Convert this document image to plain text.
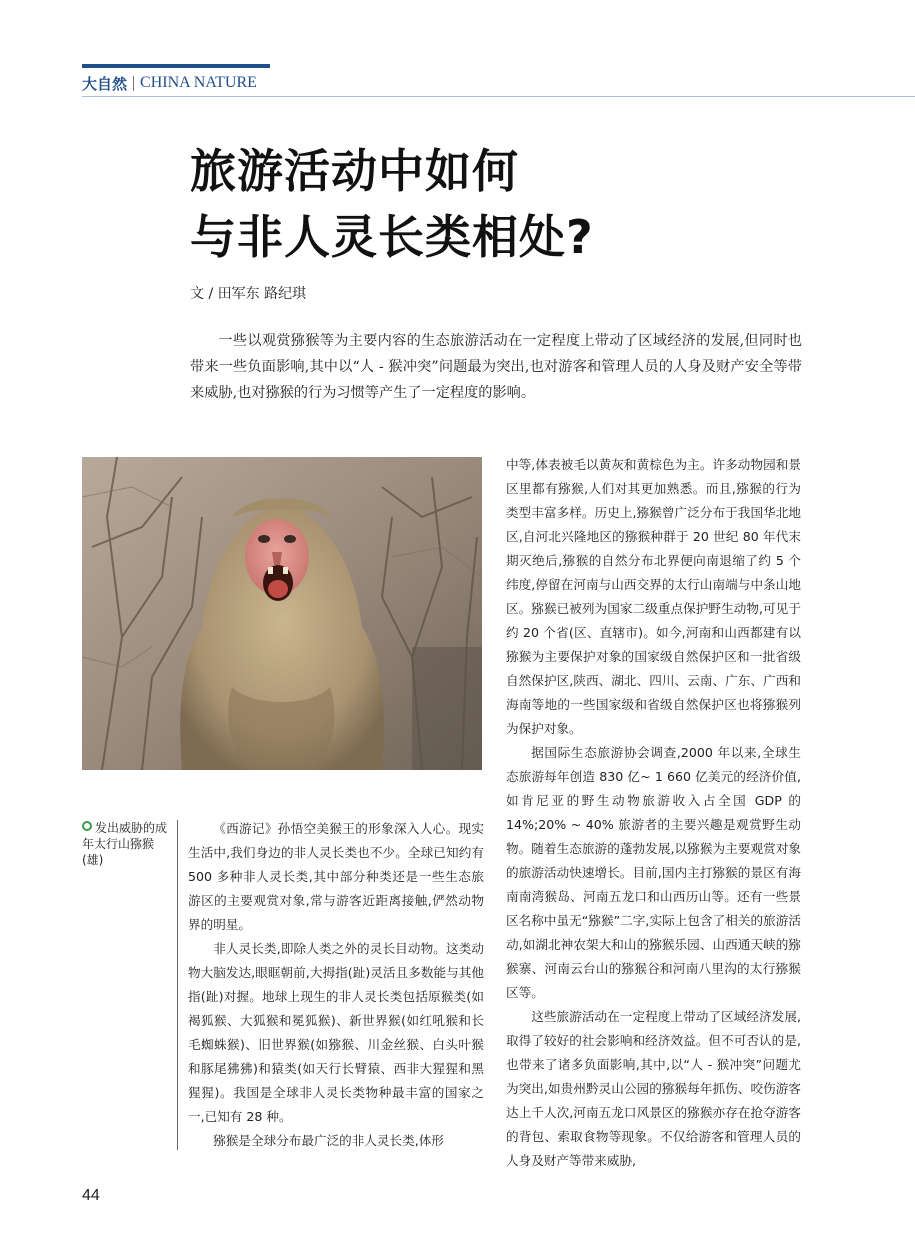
大自然 CHINA NATURE
旅游活动中如何
与非人灵长类相处?
文 / 田军东 路纪琪
一些以观赏猕猴等为主要内容的生态旅游活动在一定程度上带动了区域经济的发展,但同时也带来一些负面影响,其中以“人 - 猴冲突”问题最为突出,也对游客和管理人员的人身及财产安全等带来威胁,也对猕猴的行为习惯等产生了一定程度的影响。
发出威胁的成年太行山猕猴(雄)

《西游记》孙悟空美猴王的形象深入人心。现实生活中,我们身边的非人灵长类也不少。全球已知约有 500 多种非人灵长类,其中部分种类还是一些生态旅游区的主要观赏对象,常与游客近距离接触,俨然动物界的明星。

非人灵长类,即除人类之外的灵长目动物。这类动物大脑发达,眼眶朝前,大拇指(趾)灵活且多数能与其他指(趾)对握。地球上现生的非人灵长类包括原猴类(如褐狐猴、大狐猴和冕狐猴)、新世界猴(如红吼猴和长毛蜘蛛猴)、旧世界猴(如猕猴、川金丝猴、白头叶猴和豚尾狒狒)和猿类(如天行长臂猿、西非大猩猩和黑猩猩)。我国是全球非人灵长类物种最丰富的国家之一,已知有 28 种。

猕猴是全球分布最广泛的非人灵长类,体形

中等,体表被毛以黄灰和黄棕色为主。许多动物园和景区里都有猕猴,人们对其更加熟悉。而且,猕猴的行为类型丰富多样。历史上,猕猴曾广泛分布于我国华北地区,自河北兴隆地区的猕猴种群于 20 世纪 80 年代末期灭绝后,猕猴的自然分布北界便向南退缩了约 5 个纬度,停留在河南与山西交界的太行山南端与中条山地区。猕猴已被列为国家二级重点保护野生动物,可见于约 20 个省(区、直辖市)。如今,河南和山西都建有以猕猴为主要保护对象的国家级自然保护区和一批省级自然保护区,陕西、湖北、四川、云南、广东、广西和海南等地的一些国家级和省级自然保护区也将猕猴列为保护对象。

据国际生态旅游协会调查,2000 年以来,全球生态旅游每年创造 830 亿~ 1 660 亿美元的经济价值,如肯尼亚的野生动物旅游收入占全国 GDP 的 14%;20% ~ 40% 旅游者的主要兴趣是观赏野生动物。随着生态旅游的蓬勃发展,以猕猴为主要观赏对象的旅游活动快速增长。目前,国内主打猕猴的景区有海南南湾猴岛、河南五龙口和山西历山等。还有一些景区名称中虽无“猕猴”二字,实际上包含了相关的旅游活动,如湖北神农架大和山的猕猴乐园、山西通天峡的猕猴寨、河南云台山的猕猴谷和河南八里沟的太行猕猴区等。

这些旅游活动在一定程度上带动了区域经济发展,取得了较好的社会影响和经济效益。但不可否认的是,也带来了诸多负面影响,其中,以“人 - 猴冲突”问题尤为突出,如贵州黔灵山公园的猕猴每年抓伤、咬伤游客达上千人次,河南五龙口风景区的猕猴亦存在抢夺游客的背包、索取食物等现象。不仅给游客和管理人员的人身及财产等带来威胁,

44
